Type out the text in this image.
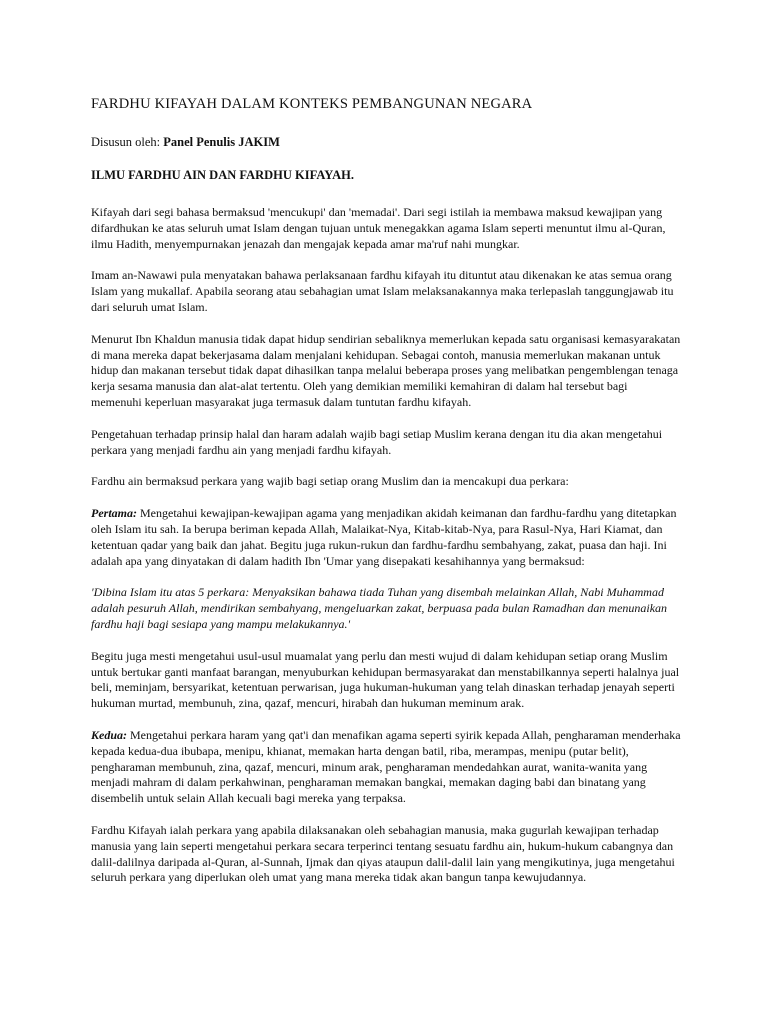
FARDHU KIFAYAH DALAM KONTEKS PEMBANGUNAN NEGARA
Disusun oleh: Panel Penulis JAKIM
ILMU FARDHU AIN DAN FARDHU KIFAYAH.

Kifayah dari segi bahasa bermaksud 'mencukupi' dan 'memadai'. Dari segi istilah ia membawa maksud kewajipan yang difardhukan ke atas seluruh umat Islam dengan tujuan untuk menegakkan agama Islam seperti menuntut ilmu al-Quran, ilmu Hadith, menyempurnakan jenazah dan mengajak kepada amar ma'ruf nahi mungkar.

Imam an-Nawawi pula menyatakan bahawa perlaksanaan fardhu kifayah itu dituntut atau dikenakan ke atas semua orang Islam yang mukallaf. Apabila seorang atau sebahagian umat Islam melaksanakannya maka terlepaslah tanggungjawab itu dari seluruh umat Islam.

Menurut Ibn Khaldun manusia tidak dapat hidup sendirian sebaliknya memerlukan kepada satu organisasi kemasyarakatan di mana mereka dapat bekerjasama dalam menjalani kehidupan. Sebagai contoh, manusia memerlukan makanan untuk hidup dan makanan tersebut tidak dapat dihasilkan tanpa melalui beberapa proses yang melibatkan pengemblengan tenaga kerja sesama manusia dan alat-alat tertentu. Oleh yang demikian memiliki kemahiran di dalam hal tersebut bagi memenuhi keperluan masyarakat juga termasuk dalam tuntutan fardhu kifayah.

Pengetahuan terhadap prinsip halal dan haram adalah wajib bagi setiap Muslim kerana dengan itu dia akan mengetahui perkara yang menjadi fardhu ain yang menjadi fardhu kifayah.

Fardhu ain bermaksud perkara yang wajib bagi setiap orang Muslim dan ia mencakupi dua perkara:

Pertama: Mengetahui kewajipan-kewajipan agama yang menjadikan akidah keimanan dan fardhu-fardhu yang ditetapkan oleh Islam itu sah. Ia berupa beriman kepada Allah, Malaikat-Nya, Kitab-kitab-Nya, para Rasul-Nya, Hari Kiamat, dan ketentuan qadar yang baik dan jahat. Begitu juga rukun-rukun dan fardhu-fardhu sembahyang, zakat, puasa dan haji. Ini adalah apa yang dinyatakan di dalam hadith Ibn 'Umar yang disepakati kesahihannya yang bermaksud:

'Dibina Islam itu atas 5 perkara: Menyaksikan bahawa tiada Tuhan yang disembah melainkan Allah, Nabi Muhammad adalah pesuruh Allah, mendirikan sembahyang, mengeluarkan zakat, berpuasa pada bulan Ramadhan dan menunaikan fardhu haji bagi sesiapa yang mampu melakukannya.'

Begitu juga mesti mengetahui usul-usul muamalat yang perlu dan mesti wujud di dalam kehidupan setiap orang Muslim untuk bertukar ganti manfaat barangan, menyuburkan kehidupan bermasyarakat dan menstabilkannya seperti halalnya jual beli, meminjam, bersyarikat, ketentuan perwarisan, juga hukuman-hukuman yang telah dinaskan terhadap jenayah seperti hukuman murtad, membunuh, zina, qazaf, mencuri, hirabah dan hukuman meminum arak.

Kedua: Mengetahui perkara haram yang qat'i dan menafikan agama seperti syirik kepada Allah, pengharaman menderhaka kepada kedua-dua ibubapa, menipu, khianat, memakan harta dengan batil, riba, merampas, menipu (putar belit), pengharaman membunuh, zina, qazaf, mencuri, minum arak, pengharaman mendedahkan aurat, wanita-wanita yang menjadi mahram di dalam perkahwinan, pengharaman memakan bangkai, memakan daging babi dan binatang yang disembelih untuk selain Allah kecuali bagi mereka yang terpaksa.

Fardhu Kifayah ialah perkara yang apabila dilaksanakan oleh sebahagian manusia, maka gugurlah kewajipan terhadap manusia yang lain seperti mengetahui perkara secara terperinci tentang sesuatu fardhu ain, hukum-hukum cabangnya dan dalil-dalilnya daripada al-Quran, al-Sunnah, Ijmak dan qiyas ataupun dalil-dalil lain yang mengikutinya, juga mengetahui seluruh perkara yang diperlukan oleh umat yang mana mereka tidak akan bangun tanpa kewujudannya.
